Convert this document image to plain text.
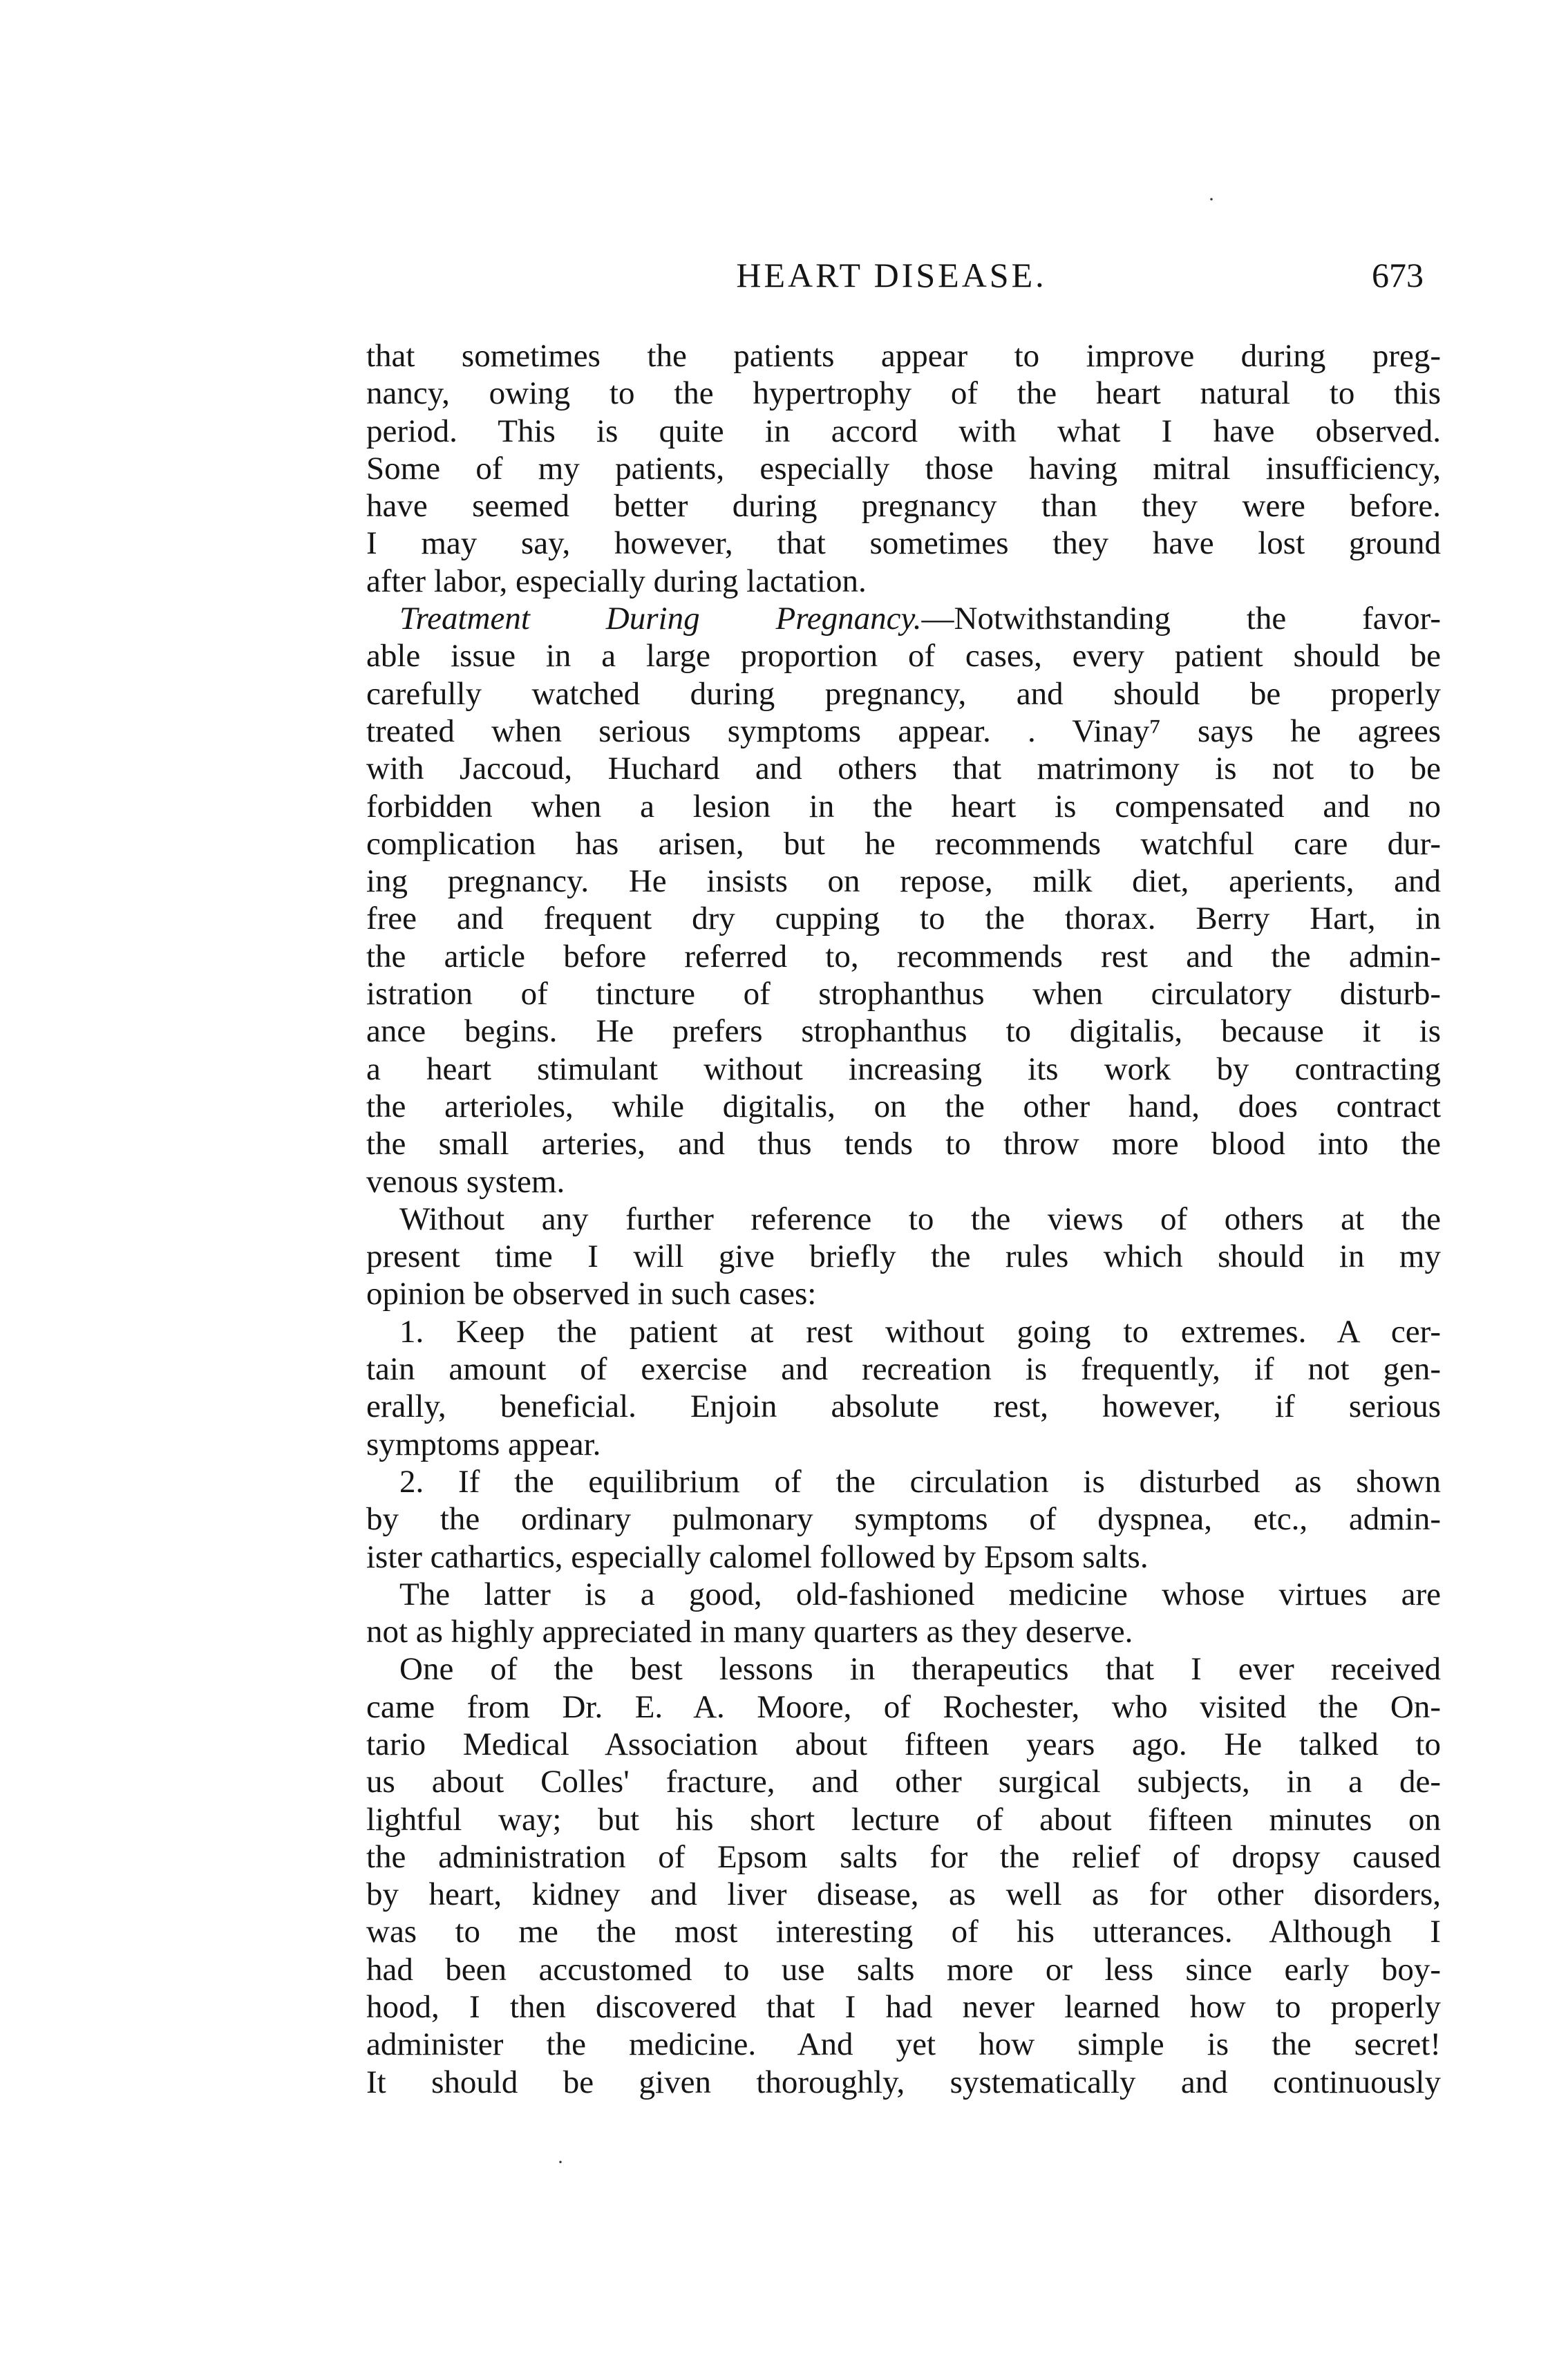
·
HEART DISEASE.	673
that sometimes the patients appear to improve during preg-
nancy, owing to the hypertrophy of the heart natural to this
period. This is quite in accord with what I have observed.
Some of my patients, especially those having mitral insufficiency,
have seemed better during pregnancy than they were before.
I may say, however, that sometimes they have lost ground
after labor, especially during lactation.
Treatment During Pregnancy.—Notwithstanding the favor-
able issue in a large proportion of cases, every patient should be
carefully watched during pregnancy, and should be properly
treated when serious symptoms appear. . Vinay⁷ says he agrees
with Jaccoud, Huchard and others that matrimony is not to be
forbidden when a lesion in the heart is compensated and no
complication has arisen, but he recommends watchful care dur-
ing pregnancy. He insists on repose, milk diet, aperients, and
free and frequent dry cupping to the thorax. Berry Hart, in
the article before referred to, recommends rest and the admin-
istration of tincture of strophanthus when circulatory disturb-
ance begins. He prefers strophanthus to digitalis, because it is
a heart stimulant without increasing its work by contracting
the arterioles, while digitalis, on the other hand, does contract
the small arteries, and thus tends to throw more blood into the
venous system.
Without any further reference to the views of others at the
present time I will give briefly the rules which should in my
opinion be observed in such cases:
1. Keep the patient at rest without going to extremes. A cer-
tain amount of exercise and recreation is frequently, if not gen-
erally, beneficial. Enjoin absolute rest, however, if serious
symptoms appear.
2. If the equilibrium of the circulation is disturbed as shown
by the ordinary pulmonary symptoms of dyspnea, etc., admin-
ister cathartics, especially calomel followed by Epsom salts.
The latter is a good, old-fashioned medicine whose virtues are
not as highly appreciated in many quarters as they deserve.
One of the best lessons in therapeutics that I ever received
came from Dr. E. A. Moore, of Rochester, who visited the On-
tario Medical Association about fifteen years ago. He talked to
us about Colles' fracture, and other surgical subjects, in a de-
lightful way; but his short lecture of about fifteen minutes on
the administration of Epsom salts for the relief of dropsy caused
by heart, kidney and liver disease, as well as for other disorders,
was to me the most interesting of his utterances. Although I
had been accustomed to use salts more or less since early boy-
hood, I then discovered that I had never learned how to properly
administer the medicine. And yet how simple is the secret!
It should be given thoroughly, systematically and continuously
·
